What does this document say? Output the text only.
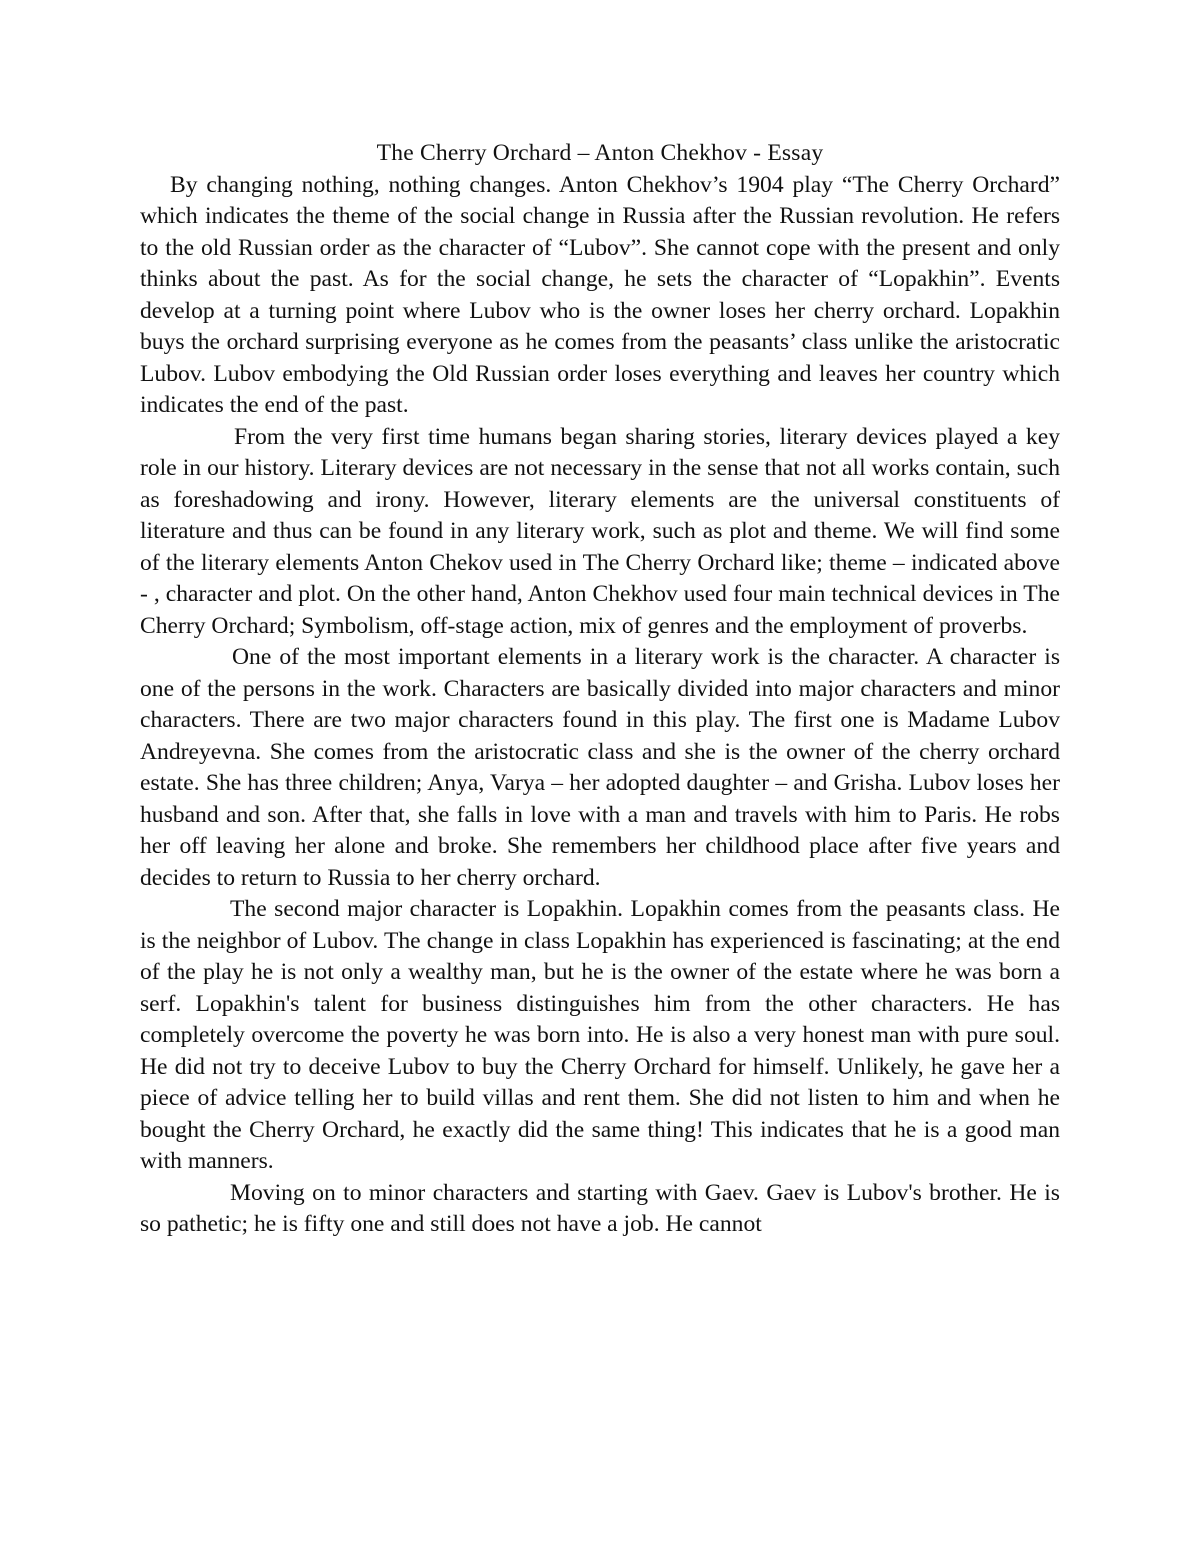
The Cherry Orchard – Anton Chekhov - Essay

By changing nothing, nothing changes. Anton Chekhov’s 1904 play “The Cherry Orchard” which indicates the theme of the social change in Russia after the Russian revolution. He refers to the old Russian order as the character of “Lubov”. She cannot cope with the present and only thinks about the past. As for the social change, he sets the character of “Lopakhin”. Events develop at a turning point where Lubov who is the owner loses her cherry orchard. Lopakhin buys the orchard surprising everyone as he comes from the peasants’ class unlike the aristocratic Lubov. Lubov embodying the Old Russian order loses everything and leaves her country which indicates the end of the past.

From the very first time humans began sharing stories, literary devices played a key role in our history. Literary devices are not necessary in the sense that not all works contain, such as foreshadowing and irony. However, literary elements are the universal constituents of literature and thus can be found in any literary work, such as plot and theme. We will find some of the literary elements Anton Chekov used in The Cherry Orchard like; theme – indicated above - , character and plot. On the other hand, Anton Chekhov used four main technical devices in The Cherry Orchard; Symbolism, off-stage action, mix of genres and the employment of proverbs.

One of the most important elements in a literary work is the character. A character is one of the persons in the work. Characters are basically divided into major characters and minor characters. There are two major characters found in this play. The first one is Madame Lubov Andreyevna. She comes from the aristocratic class and she is the owner of the cherry orchard estate. She has three children; Anya, Varya – her adopted daughter – and Grisha. Lubov loses her husband and son. After that, she falls in love with a man and travels with him to Paris. He robs her off leaving her alone and broke. She remembers her childhood place after five years and decides to return to Russia to her cherry orchard.

The second major character is Lopakhin. Lopakhin comes from the peasants class. He is the neighbor of Lubov. The change in class Lopakhin has experienced is fascinating; at the end of the play he is not only a wealthy man, but he is the owner of the estate where he was born a serf. Lopakhin's talent for business distinguishes him from the other characters. He has completely overcome the poverty he was born into. He is also a very honest man with pure soul. He did not try to deceive Lubov to buy the Cherry Orchard for himself. Unlikely, he gave her a piece of advice telling her to build villas and rent them. She did not listen to him and when he bought the Cherry Orchard, he exactly did the same thing! This indicates that he is a good man with manners.

Moving on to minor characters and starting with Gaev. Gaev is Lubov's brother. He is so pathetic; he is fifty one and still does not have a job. He cannot
